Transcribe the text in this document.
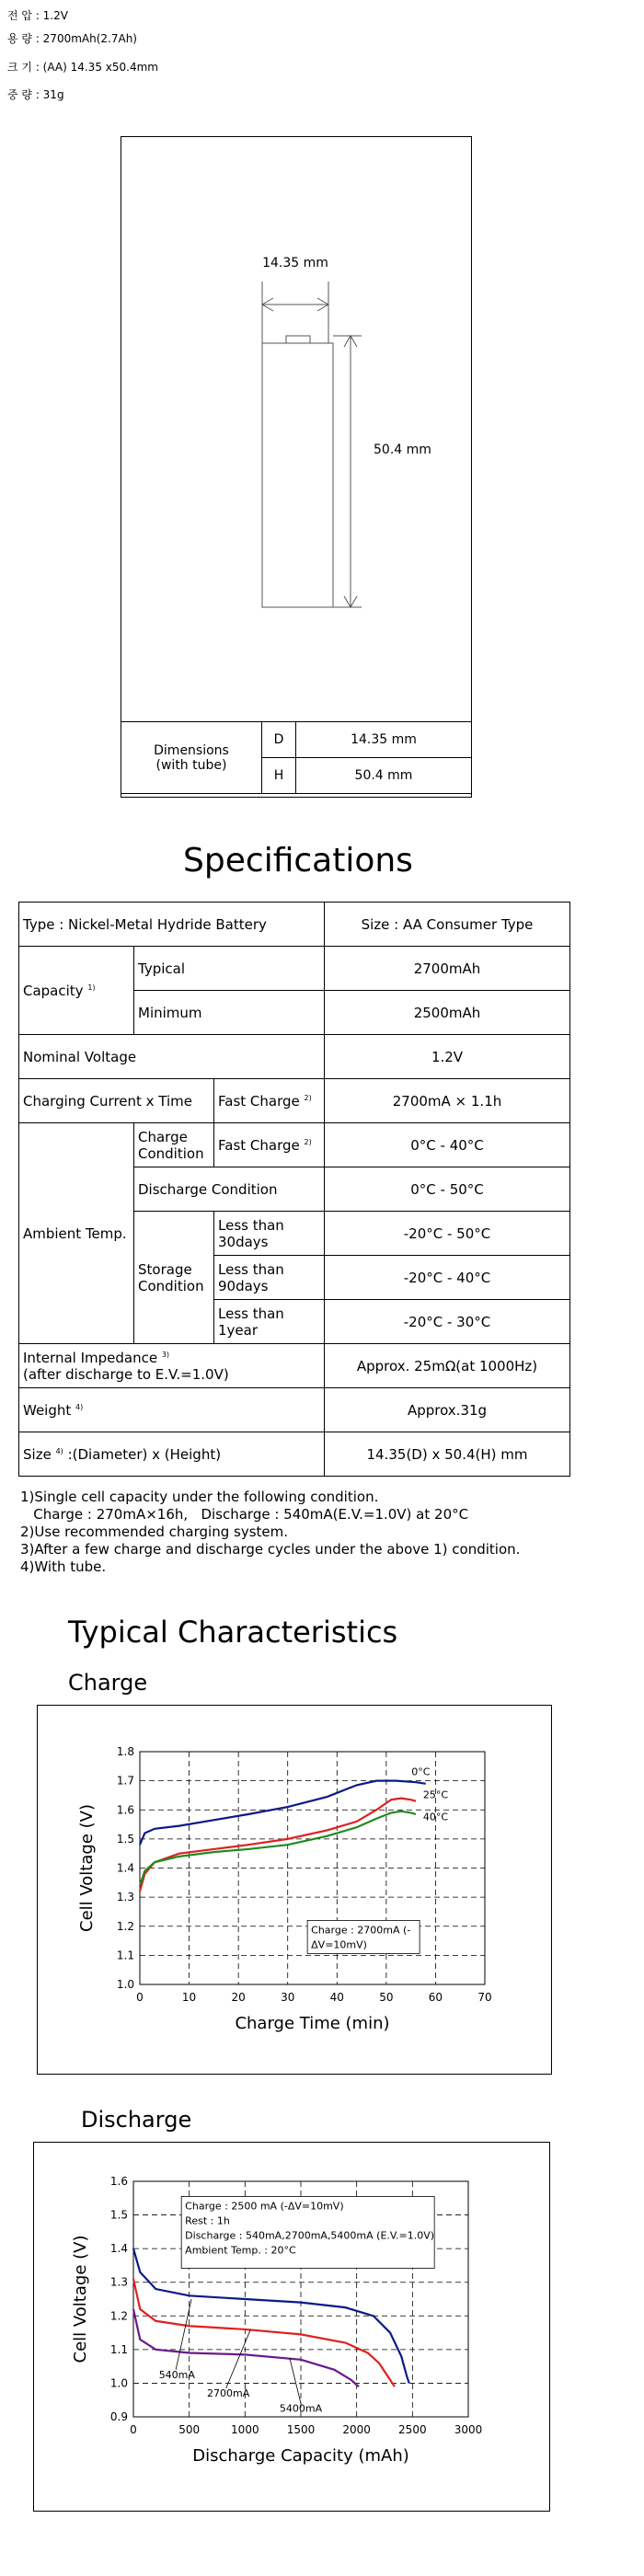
전 압 : 1.2V
용 량 : 2700mAh(2.7Ah)
크 기 : (AA) 14.35 x50.4mm
중 량 : 31g
14.35 mm
50.4 mm
Dimensions
(with tube)	D	14.35 mm
	H	50.4 mm
Specifications
Type : Nickel-Metal Hydride Battery			Size : AA Consumer Type
Capacity $^{1)}$	Typical		2700mAh
	Minimum		2500mAh
Nominal Voltage			1.2V
Charging Current x Time		Fast Charge $^{2)}$	2700mA × 1.1h
Ambient Temp.	Charge Condition	Fast Charge $^{2)}$	0°C - 40°C
	Discharge Condition		0°C - 50°C
	Storage Condition	Less than 30days	-20°C - 50°C
		Less than 90days	-20°C - 40°C
		Less than 1year	-20°C - 30°C
Internal Impedance $^{3)}$
(after discharge to E.V.=1.0V)			Approx. 25mΩ(at 1000Hz)
Weight $^{4)}$			Approx.31g
Size $^{4)}$ :(Diameter) x (Height)			14.35(D) x 50.4(H) mm
1)Single cell capacity under the following condition.
Charge : 270mA×16h,   Discharge : 540mA(E.V.=1.0V) at 20°C
2)Use recommended charging system.
3)After a few charge and discharge cycles under the above 1) condition.
4)With tube.
Typical Characteristics
Charge
0	10	20	30	40	50	60	70
1.0
1.1
1.2
1.3
1.4
1.5
1.6
1.7
1.8
Charge Time (min)
Cell Voltage (V)
0°C
25°C
40°C
Charge : 2700mA (-
ΔV=10mV)
Discharge
0	500	1000	1500	2000	2500	3000
0.9
1.0
1.1
1.2
1.3
1.4
1.5
1.6
Discharge Capacity (mAh)
Cell Voltage (V)
Charge : 2500 mA (-ΔV=10mV)
Rest : 1h
Discharge : 540mA,2700mA,5400mA (E.V.=1.0V)
Ambient Temp. : 20°C
540mA
2700mA
5400mA
